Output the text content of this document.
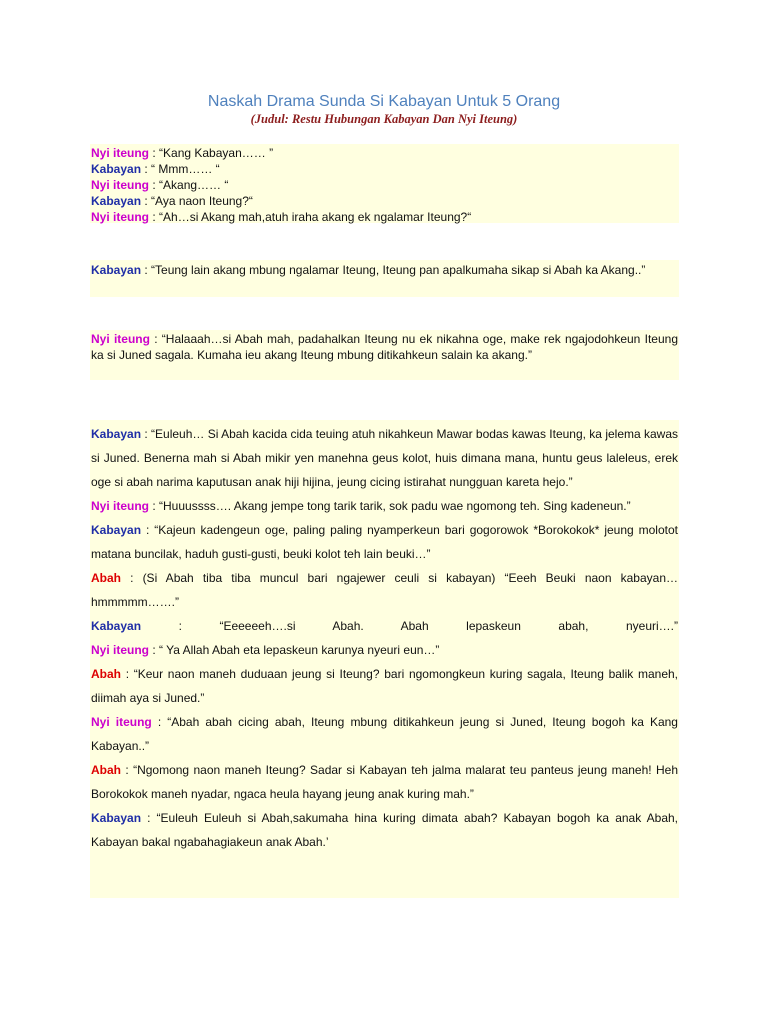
Naskah Drama Sunda Si Kabayan Untuk 5 Orang
(Judul: Restu Hubungan Kabayan Dan Nyi Iteung)
Nyi iteung : “Kang Kabayan…… ”
Kabayan : “ Mmm…… “
Nyi iteung : “Akang…… “
Kabayan : “Aya naon Iteung?“
Nyi iteung : “Ah…si Akang mah,atuh iraha akang ek ngalamar Iteung?“

Kabayan : “Teung lain akang mbung ngalamar Iteung, Iteung pan apalkumaha sikap si Abah ka Akang..”

Nyi iteung : “Halaaah…si Abah mah, padahalkan Iteung nu ek nikahna oge, make rek ngajodohkeun Iteung ka si Juned sagala. Kumaha ieu akang Iteung mbung ditikahkeun salain ka akang.”

Kabayan : “Euleuh… Si Abah kacida cida teuing atuh nikahkeun Mawar bodas kawas Iteung, ka jelema kawas si Juned. Benerna mah si Abah mikir yen manehna geus kolot, huis dimana mana, huntu geus laleleus, erek oge si abah narima kaputusan anak hiji hijina, jeung cicing istirahat nungguan kareta hejo.”

Nyi iteung : “Huuussss…. Akang jempe tong tarik tarik, sok padu wae ngomong teh. Sing kadeneun.”

Kabayan : “Kajeun kadengeun oge, paling paling nyamperkeun bari gogorowok *Borokokok* jeung molotot matana buncilak, haduh gusti-gusti, beuki kolot teh lain beuki…”

Abah : (Si Abah tiba tiba muncul bari ngajewer ceuli si kabayan) “Eeeh Beuki naon kabayan… hmmmmm…….”

Kabayan : “Eeeeeeh….si Abah. Abah lepaskeun abah, nyeuri….”

Nyi iteung : “ Ya Allah Abah eta lepaskeun karunya nyeuri eun…”

Abah : “Keur naon maneh duduaan jeung si Iteung? bari ngomongkeun kuring sagala, Iteung balik maneh, diimah aya si Juned.”

Nyi iteung : “Abah abah cicing abah, Iteung mbung ditikahkeun jeung si Juned, Iteung bogoh ka Kang Kabayan..”

Abah : “Ngomong naon maneh Iteung? Sadar si Kabayan teh jalma malarat teu panteus jeung maneh! Heh Borokokok maneh nyadar, ngaca heula hayang jeung anak kuring mah.”

Kabayan : “Euleuh Euleuh si Abah,sakumaha hina kuring dimata abah? Kabayan bogoh ka anak Abah, Kabayan bakal ngabahagiakeun anak Abah.’
